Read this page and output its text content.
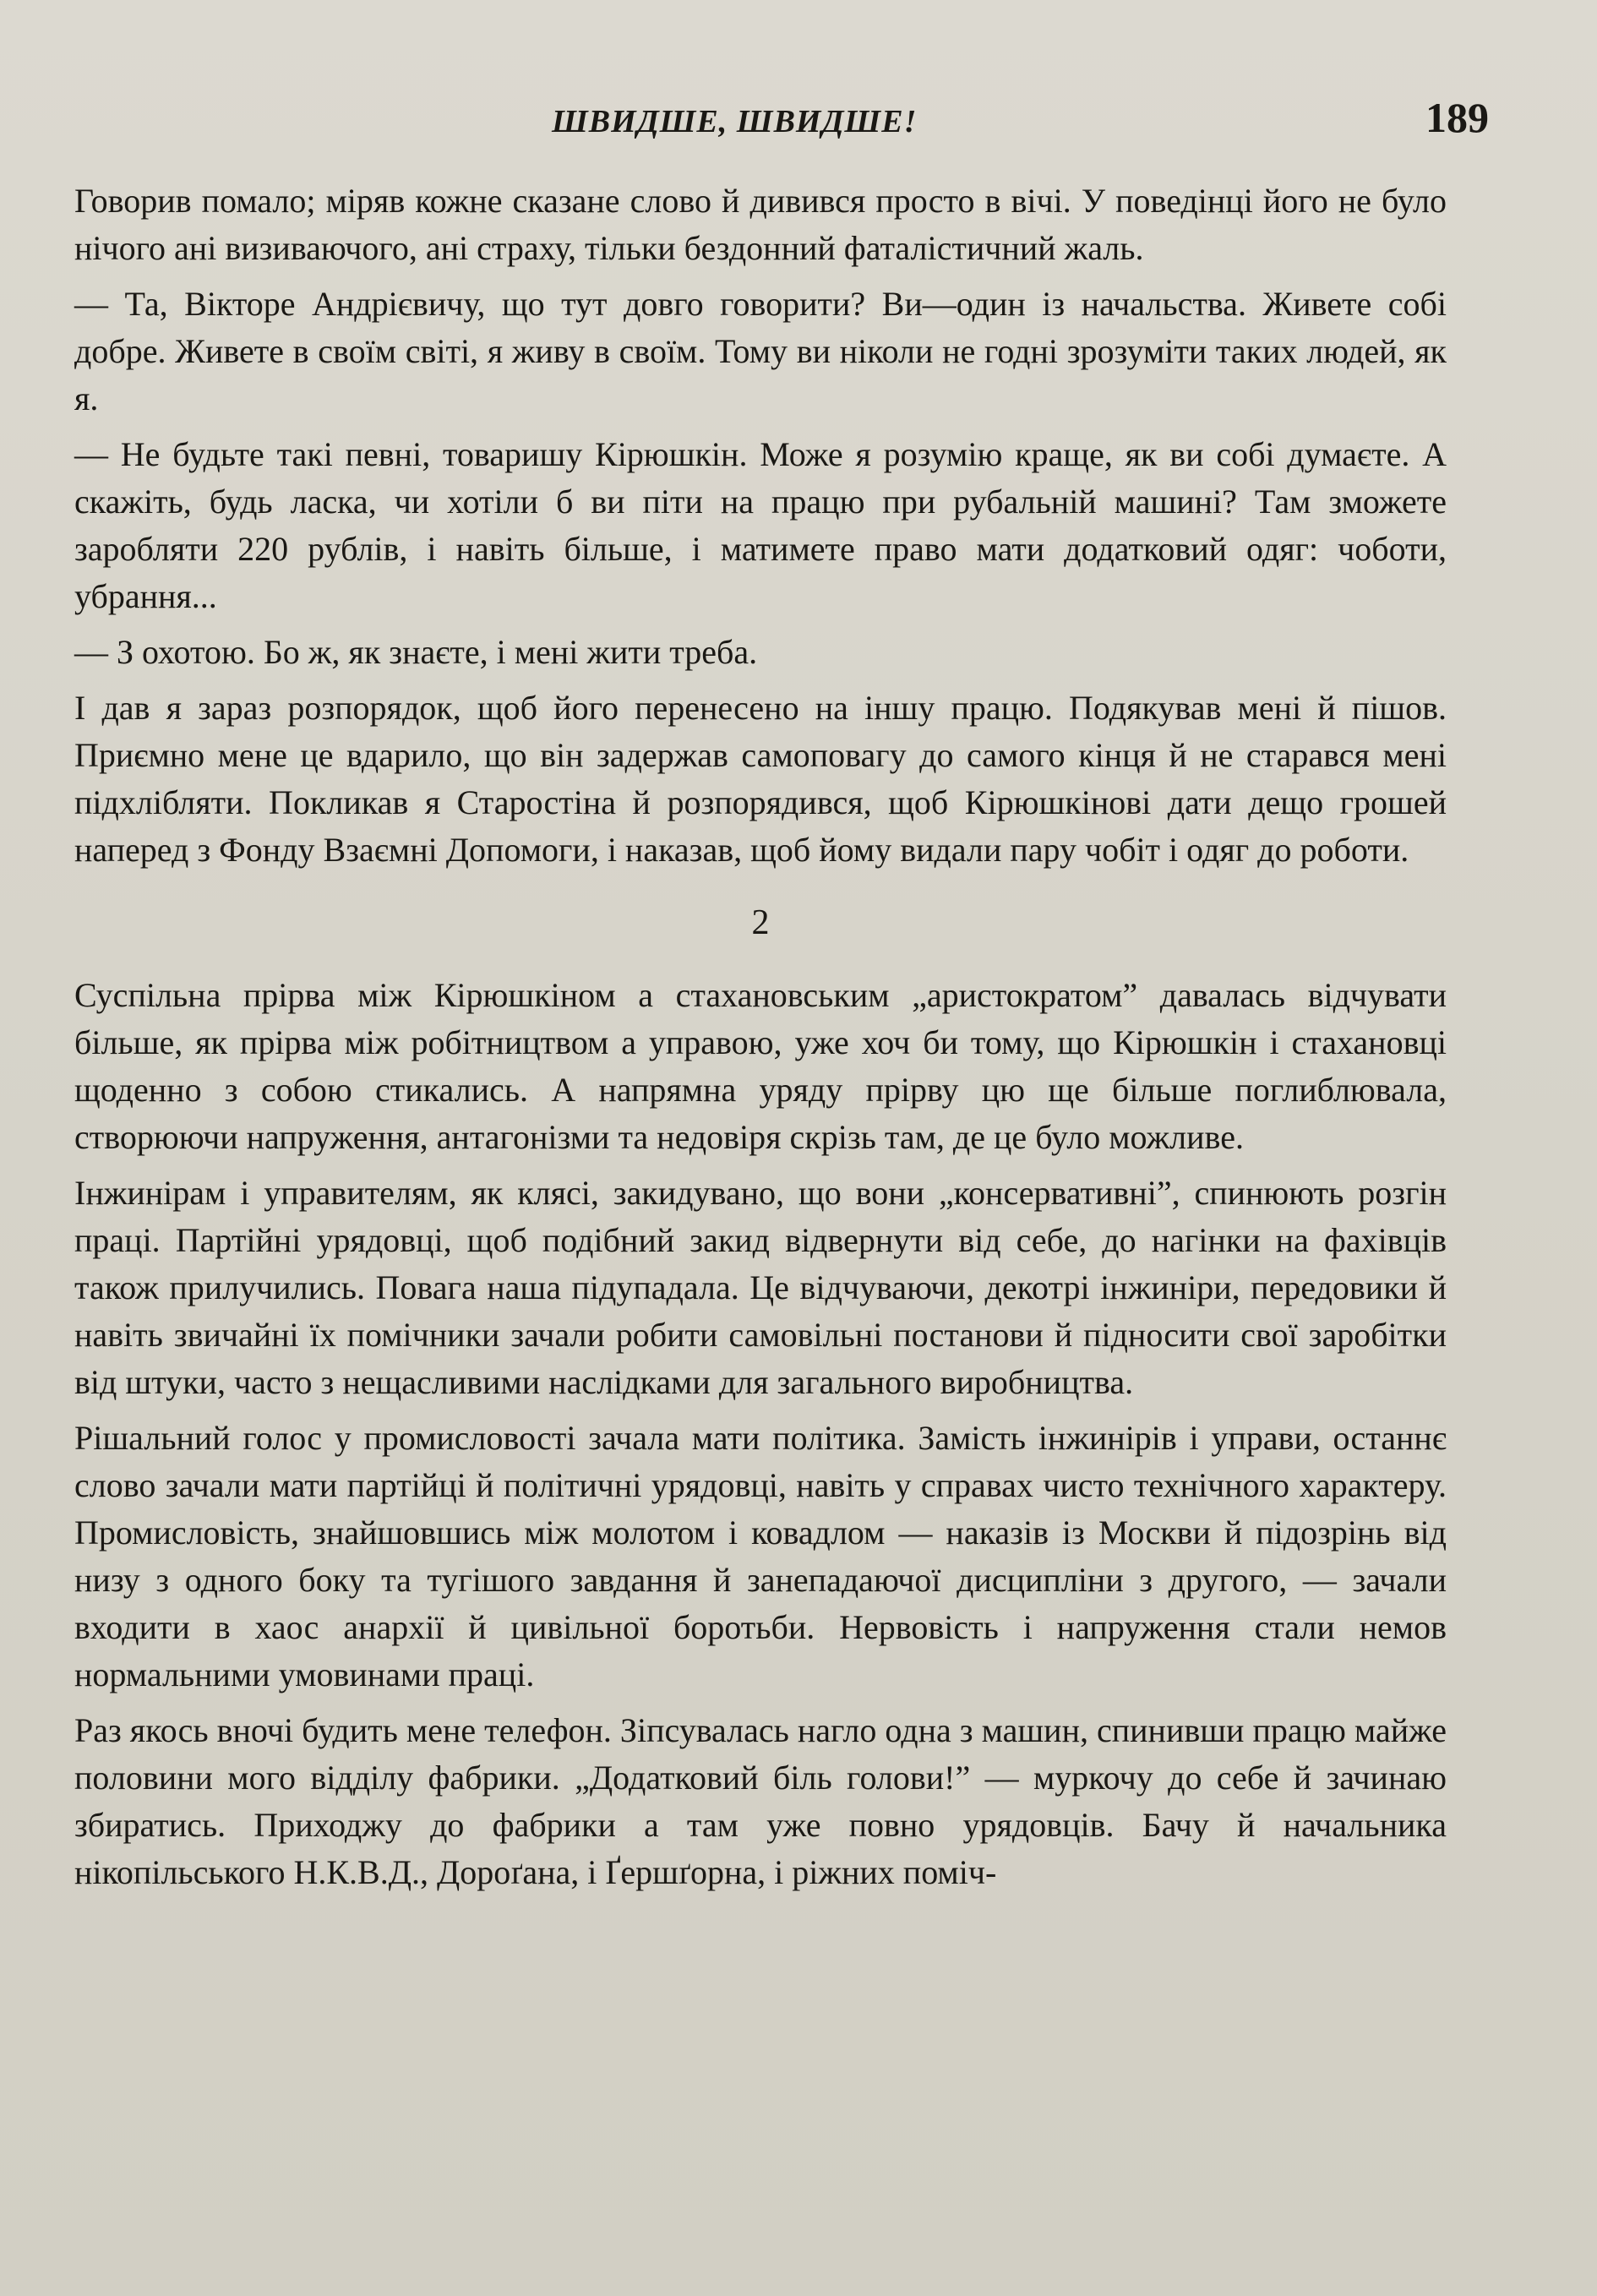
ШВИДШЕ, ШВИДШЕ!	189

Говорив помало; міряв кожне сказане слово й дивився просто в вічі. У поведінці його не було нічого ані визиваючого, ані страху, тільки бездонний фаталістичний жаль.

— Та, Вікторе Андрієвичу, що тут довго говорити? Ви—один із начальства. Живете собі добре. Живете в своїм світі, я живу в своїм. Тому ви ніколи не годні зрозуміти таких людей, як я.

— Не будьте такі певні, товаришу Кірюшкін. Може я розумію краще, як ви собі думаєте. А скажіть, будь ласка, чи хотіли б ви піти на працю при рубальній машині? Там зможете заробляти 220 рублів, і навіть більше, і матимете право мати додатковий одяг: чоботи, убрання...

— З охотою. Бо ж, як знаєте, і мені жити треба.

І дав я зараз розпорядок, щоб його перенесено на іншу працю. Подякував мені й пішов. Приємно мене це вдарило, що він задержав самоповагу до самого кінця й не старався мені підхлібляти. Покликав я Старостіна й розпорядився, щоб Кірюшкінові дати дещо грошей наперед з Фонду Взаємні Допомоги, і наказав, щоб йому видали пару чобіт і одяг до роботи.

2

Суспільна прірва між Кірюшкіном а стахановським „аристократом” давалась відчувати більше, як прірва між робітництвом а управою, уже хоч би тому, що Кірюшкін і стахановці щоденно з собою стикались. А напрямна уряду прірву цю ще більше поглиблювала, створюючи напруження, антагонізми та недовіря скрізь там, де це було можливе.

Інжинірам і управителям, як клясі, закидувано, що вони „консервативні”, спинюють розгін праці. Партійні урядовці, щоб подібний закид відвернути від себе, до нагінки на фахівців також прилучились. Повага наша підупадала. Це відчуваючи, декотрі інжиніри, передовики й навіть звичайні їх помічники зачали робити самовільні постанови й підносити свої заробітки від штуки, часто з нещасливими наслідками для загального виробництва.

Рішальний голос у промисловості зачала мати політика. Замість інжинірів і управи, останнє слово зачали мати партійці й політичні урядовці, навіть у справах чисто технічного характеру. Промисловість, знайшовшись між молотом і ковадлом — наказів із Москви й підозрінь від низу з одного боку та тугішого завдання й занепадаючої дисципліни з другого, — зачали входити в хаос анархії й цивільної боротьби. Нервовість і напруження стали немов нормальними умовинами праці.

Раз якось вночі будить мене телефон. Зіпсувалась нагло одна з машин, спинивши працю майже половини мого відділу фабрики. „Додатковий біль голови!” — муркочу до себе й зачинаю збиратись. Приходжу до фабрики а там уже повно урядовців. Бачу й начальника нікопільського Н.К.В.Д., Дороґана, і Ґершґорна, і ріжних поміч-
